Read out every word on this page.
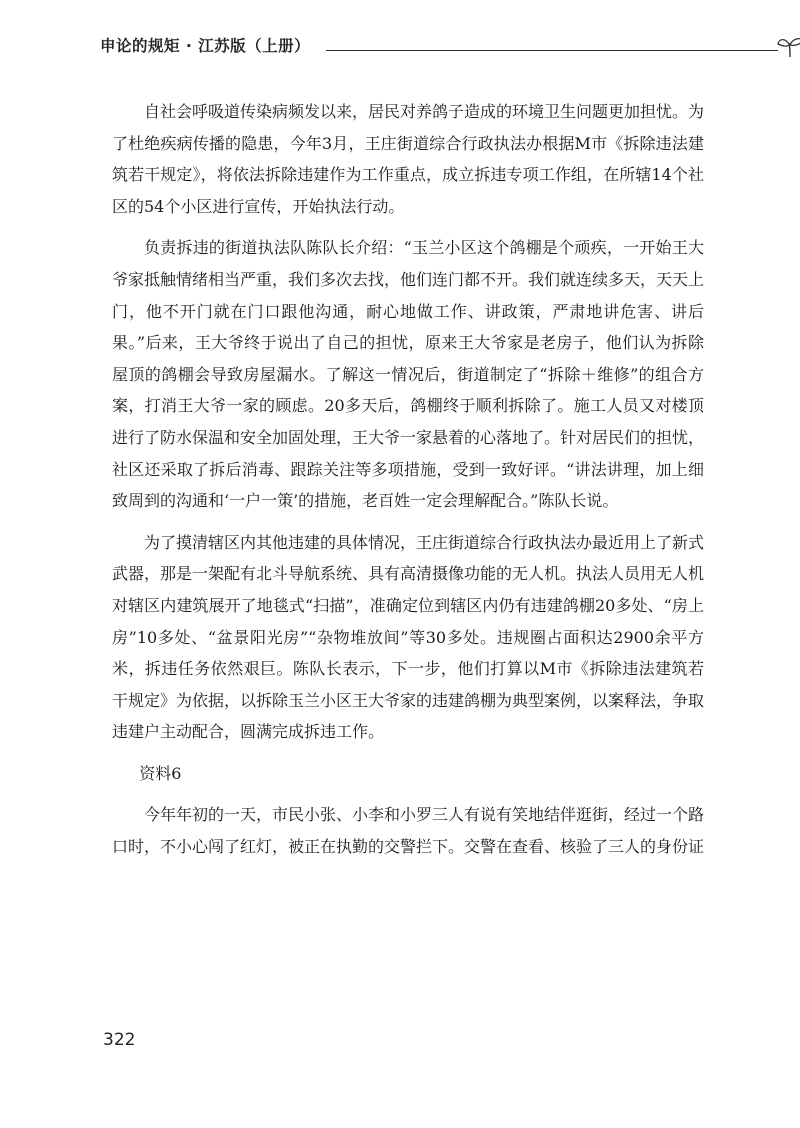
申论的规矩 · 江苏版（上册）

自社会呼吸道传染病频发以来，居民对养鸽子造成的环境卫生问题更加担忧。为了杜绝疾病传播的隐患，今年3月，王庄街道综合行政执法办根据M市《拆除违法建筑若干规定》，将依法拆除违建作为工作重点，成立拆违专项工作组，在所辖14个社区的54个小区进行宣传，开始执法行动。

负责拆违的街道执法队陈队长介绍：“玉兰小区这个鸽棚是个顽疾，一开始王大爷家抵触情绪相当严重，我们多次去找，他们连门都不开。我们就连续多天，天天上门，他不开门就在门口跟他沟通，耐心地做工作、讲政策，严肃地讲危害、讲后果。”后来，王大爷终于说出了自己的担忧，原来王大爷家是老房子，他们认为拆除屋顶的鸽棚会导致房屋漏水。了解这一情况后，街道制定了“拆除＋维修”的组合方案，打消王大爷一家的顾虑。20多天后，鸽棚终于顺利拆除了。施工人员又对楼顶进行了防水保温和安全加固处理，王大爷一家悬着的心落地了。针对居民们的担忧，社区还采取了拆后消毒、跟踪关注等多项措施，受到一致好评。“讲法讲理，加上细致周到的沟通和‘一户一策’的措施，老百姓一定会理解配合。”陈队长说。

为了摸清辖区内其他违建的具体情况，王庄街道综合行政执法办最近用上了新式武器，那是一架配有北斗导航系统、具有高清摄像功能的无人机。执法人员用无人机对辖区内建筑展开了地毯式“扫描”，准确定位到辖区内仍有违建鸽棚20多处、“房上房”10多处、“盆景阳光房”“杂物堆放间”等30多处。违规圈占面积达2900余平方米，拆违任务依然艰巨。陈队长表示，下一步，他们打算以M市《拆除违法建筑若干规定》为依据，以拆除玉兰小区王大爷家的违建鸽棚为典型案例，以案释法，争取违建户主动配合，圆满完成拆违工作。

资料6

今年年初的一天，市民小张、小李和小罗三人有说有笑地结伴逛街，经过一个路口时，不小心闯了红灯，被正在执勤的交警拦下。交警在查看、核验了三人的身份证

322
